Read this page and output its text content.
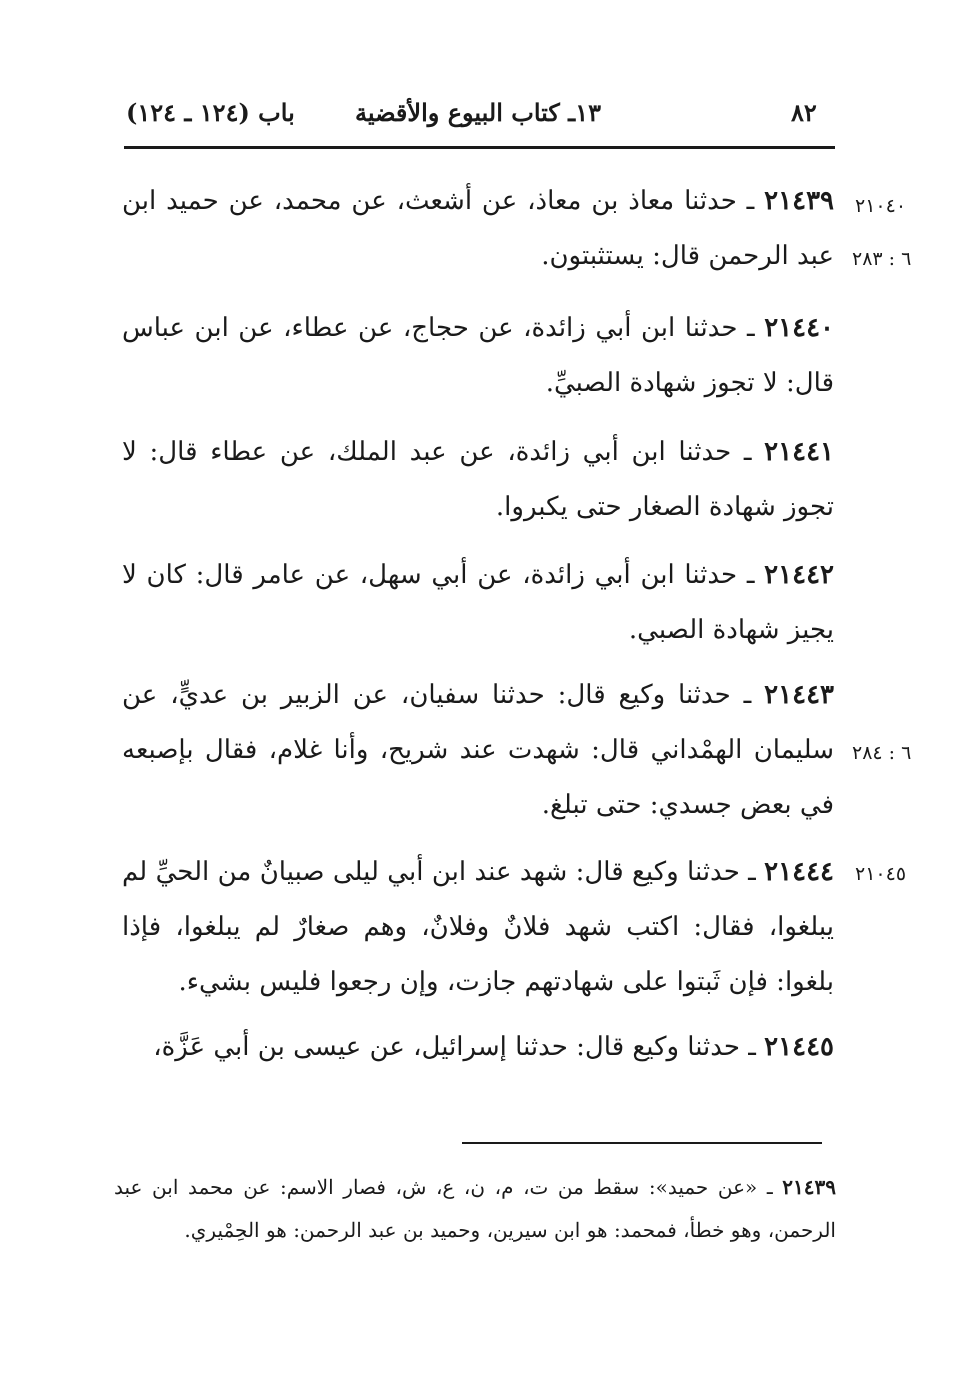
٨٢
١٣ـ كتاب البيوع والأقضية
باب (١٢٤ ـ ١٢٤)
٢١٠٤٠
٦ : ٢٨٣
٦ : ٢٨٤
٢١٠٤٥
٢١٤٣٩ ـ حدثنا معاذ بن معاذ، عن أشعث، عن محمد، عن حميد ابن عبد الرحمن قال: يستثبتون.
٢١٤٤٠ ـ حدثنا ابن أبي زائدة، عن حجاج، عن عطاء، عن ابن عباس قال: لا تجوز شهادة الصبيِّ.
٢١٤٤١ ـ حدثنا ابن أبي زائدة، عن عبد الملك، عن عطاء قال: لا تجوز شهادة الصغار حتى يكبروا.
٢١٤٤٢ ـ حدثنا ابن أبي زائدة، عن أبي سهل، عن عامر قال: كان لا يجيز شهادة الصبي.
٢١٤٤٣ ـ حدثنا وكيع قال: حدثنا سفيان، عن الزبير بن عديٍّ، عن سليمان الهمْداني قال: شهدت عند شريح، وأنا غلام، فقال بإصبعه في بعض جسدي: حتى تبلغ.
٢١٤٤٤ ـ حدثنا وكيع قال: شهد عند ابن أبي ليلى صبيانٌ من الحيِّ لم يبلغوا، فقال: اكتب شهد فلانٌ وفلانٌ، وهم صغارٌ لم يبلغوا، فإذا بلغوا: فإن ثَبتوا على شهادتهم جازت، وإن رجعوا فليس بشيء.
٢١٤٤٥ ـ حدثنا وكيع قال: حدثنا إسرائيل، عن عيسى بن أبي عَزَّة،
٢١٤٣٩ ـ «عن حميد»: سقط من ت، م، ن، ع، ش، فصار الاسم: عن محمد ابن عبد الرحمن، وهو خطأ، فمحمد: هو ابن سيرين، وحميد بن عبد الرحمن: هو الحِمْيري.
